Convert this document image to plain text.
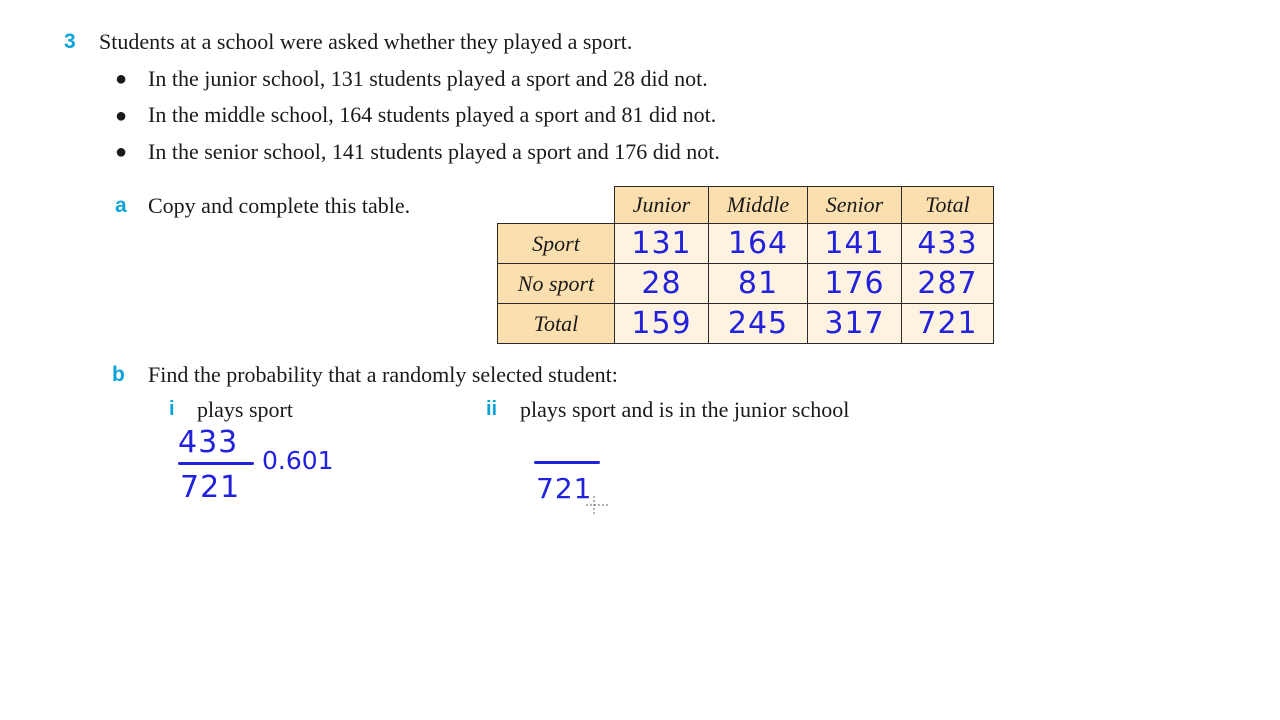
3 Students at a school were asked whether they played a sport.
● In the junior school, 131 students played a sport and 28 did not.
● In the middle school, 164 students played a sport and 81 did not.
● In the senior school, 141 students played a sport and 176 did not.
a Copy and complete this table.	Junior	Middle	Senior	Total
Sport	131 164 141 433
No sport	28 81 176 287
Total	159 245 317 721
b Find the probability that a randomly selected student:
i plays sport	ii plays sport and is in the junior school
433
721
0.601
721
